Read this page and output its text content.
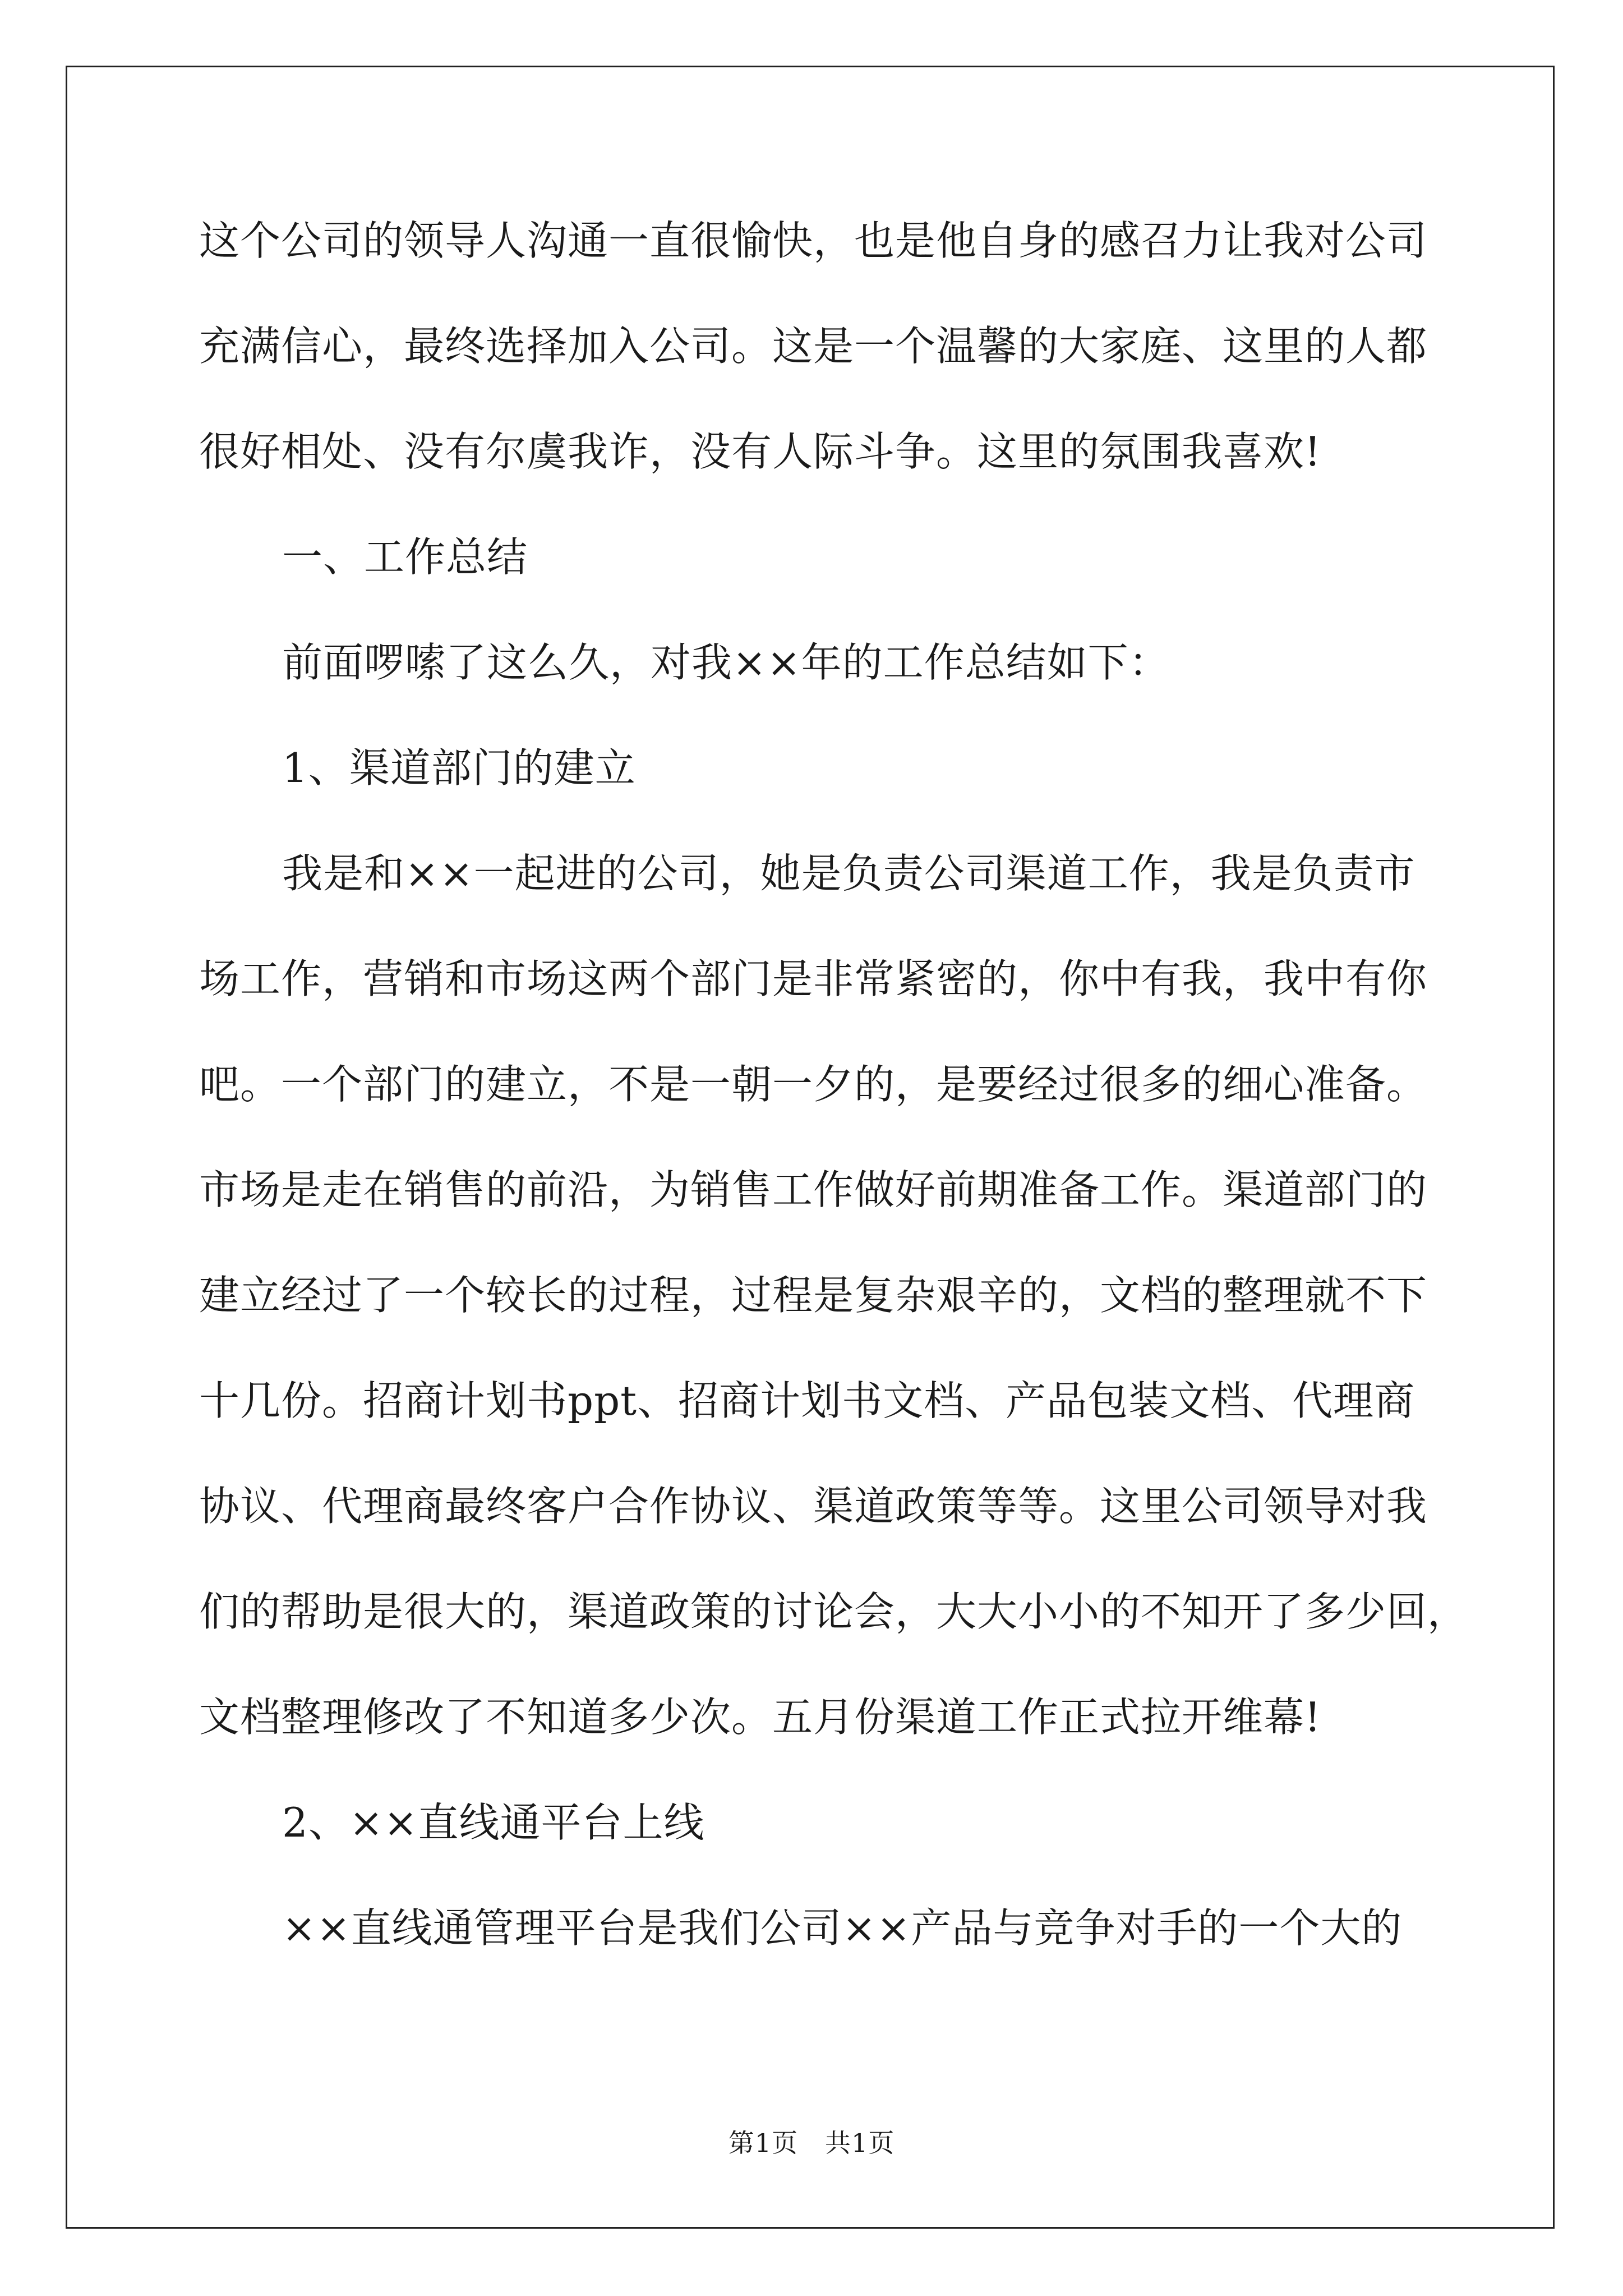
这个公司的领导人沟通一直很愉快，也是他自身的感召力让我对公司
充满信心，最终选择加入公司。这是一个温馨的大家庭、这里的人都
很好相处、没有尔虞我诈，没有人际斗争。这里的氛围我喜欢!
一、工作总结
前面啰嗦了这么久，对我××年的工作总结如下：
1、渠道部门的建立
我是和××一起进的公司，她是负责公司渠道工作，我是负责市
场工作，营销和市场这两个部门是非常紧密的，你中有我，我中有你
吧。一个部门的建立，不是一朝一夕的，是要经过很多的细心准备。
市场是走在销售的前沿，为销售工作做好前期准备工作。渠道部门的
建立经过了一个较长的过程，过程是复杂艰辛的，文档的整理就不下
十几份。招商计划书ppt、招商计划书文档、产品包装文档、代理商
协议、代理商最终客户合作协议、渠道政策等等。这里公司领导对我
们的帮助是很大的，渠道政策的讨论会，大大小小的不知开了多少回，
文档整理修改了不知道多少次。五月份渠道工作正式拉开维幕!
2、××直线通平台上线
××直线通管理平台是我们公司××产品与竞争对手的一个大的
第1页 共1页
